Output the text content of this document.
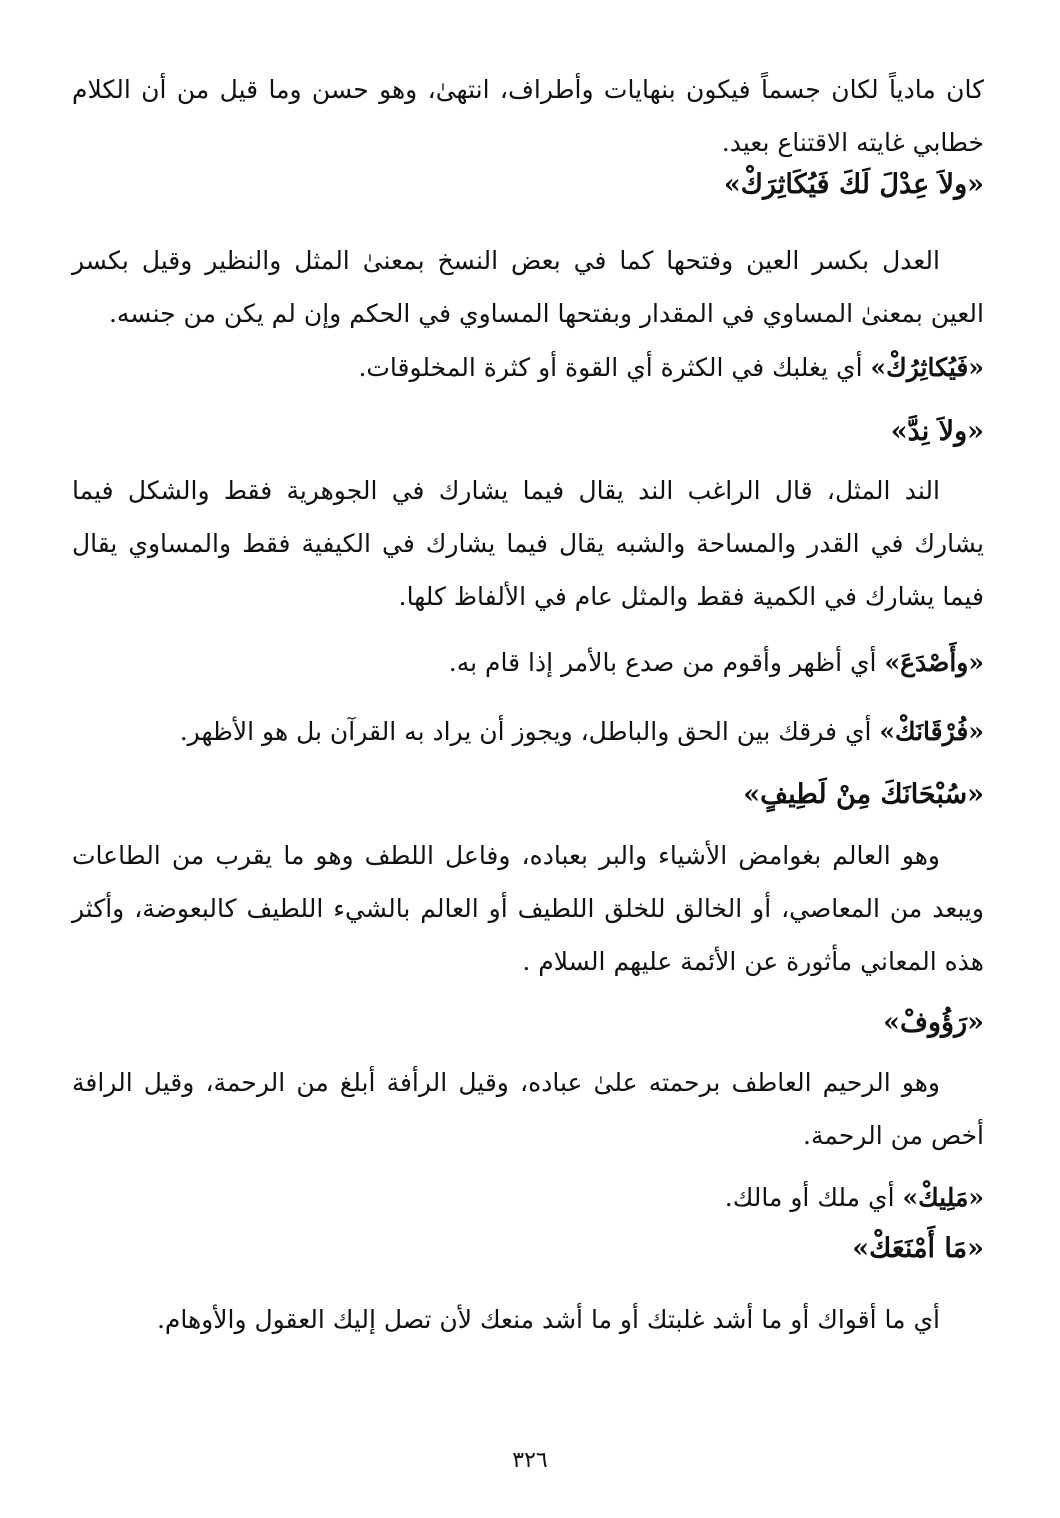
كان مادياً لكان جسماً فيكون بنهايات وأطراف، انتهىٰ، وهو حسن وما قيل من أن الكلام خطابي غايته الاقتناع بعيد.

«ولاَ عِدْلَ لَكَ فَيُكَاثِرَكْ»

العدل بكسر العين وفتحها كما في بعض النسخ بمعنىٰ المثل والنظير وقيل بكسر العين بمعنىٰ المساوي في المقدار وبفتحها المساوي في الحكم وإن لم يكن من جنسه.

«فَيُكاثِرُكْ» أي يغلبك في الكثرة أي القوة أو كثرة المخلوقات.

«ولاَ نِدَّ»

الند المثل، قال الراغب الند يقال فيما يشارك في الجوهرية فقط والشكل فيما يشارك في القدر والمساحة والشبه يقال فيما يشارك في الكيفية فقط والمساوي يقال فيما يشارك في الكمية فقط والمثل عام في الألفاظ كلها.

«وأَصْدَعَ» أي أظهر وأقوم من صدع بالأمر إذا قام به.

«فُرْقَانَكْ» أي فرقك بين الحق والباطل، ويجوز أن يراد به القرآن بل هو الأظهر.

«سُبْحَانَكَ مِنْ لَطِيفٍ»

وهو العالم بغوامض الأشياء والبر بعباده، وفاعل اللطف وهو ما يقرب من الطاعات ويبعد من المعاصي، أو الخالق للخلق اللطيف أو العالم بالشيء اللطيف كالبعوضة، وأكثر هذه المعاني مأثورة عن الأئمة عليهم السلام .

«رَؤُوفْ»

وهو الرحيم العاطف برحمته علىٰ عباده، وقيل الرأفة أبلغ من الرحمة، وقيل الرافة أخص من الرحمة.

«مَلِيكْ» أي ملك أو مالك.

«مَا أَمْنَعَكْ»

أي ما أقواك أو ما أشد غلبتك أو ما أشد منعك لأن تصل إليك العقول والأوهام.

٣٢٦
